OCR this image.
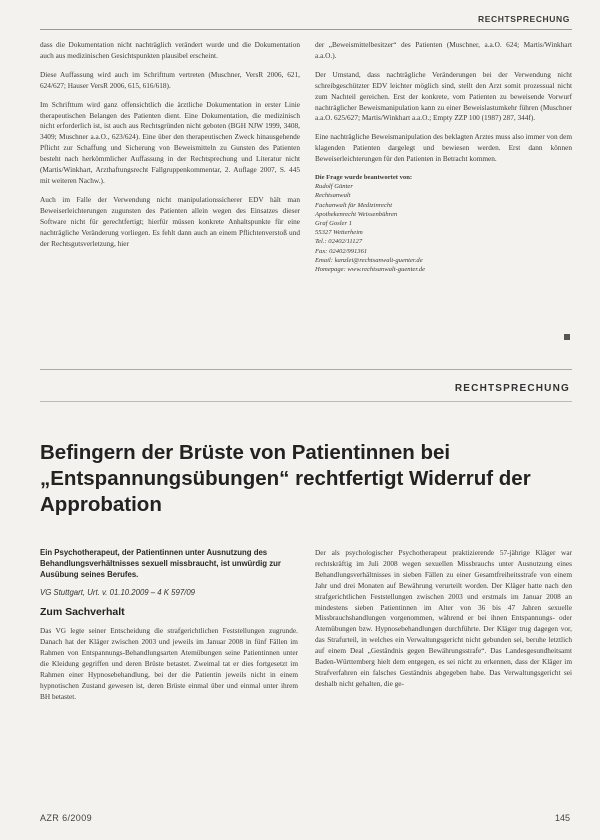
RECHTSPRECHUNG

dass die Dokumentation nicht nachträglich verändert wurde und die Dokumentation auch aus medizinischen Gesichtspunkten plausibel erscheint.

Diese Auffassung wird auch im Schrifttum vertreten (Muschner, VersR 2006, 621, 624/627; Hauser VersR 2006, 615, 616/618).

Im Schrifttum wird ganz offensichtlich die ärztliche Dokumentation in erster Linie therapeutischen Belangen des Patienten dient. Eine Dokumentation, die medizinisch nicht erforderlich ist, ist auch aus Rechtsgründen nicht geboten (BGH NJW 1999, 3408, 3409; Muschner a.a.O., 623/624). Eine über den therapeutischen Zweck hinausgehende Pflicht zur Schaffung und Sicherung von Beweismitteln zu Gunsten des Patienten besteht nach herkömmlicher Auffassung in der Rechtsprechung und Literatur nicht (Martis/Winkhart, Arzthaftungsrecht Fallgruppenkommentar, 2. Auflage 2007, S. 445 mit weiteren Nachw.).

Auch im Falle der Verwendung nicht manipulationssicherer EDV hält man Beweiserleichterungen zugunsten des Patienten allein wegen des Einsatzes dieser Software nicht für gerechtfertigt; hierfür müssen konkrete Anhaltspunkte für eine nachträgliche Veränderung vorliegen. Es fehlt dann auch an einem Pflichtenverstoß und der Rechtsgutsverletzung, hier

der „Beweismittelbesitzer“ des Patienten (Muschner, a.a.O. 624; Martis/Winkhart a.a.O.).

Der Umstand, dass nachträgliche Veränderungen bei der Verwendung nicht schreibgeschützter EDV leichter möglich sind, stellt den Arzt somit prozessual nicht zum Nachteil gereichen. Erst der konkrete, vom Patienten zu beweisende Vorwurf nachträglicher Beweismanipulation kann zu einer Beweislastumkehr führen (Muschner a.a.O. 625/627; Martis/Winkhart a.a.O.; Empty ZZP 100 (1987) 287, 344f).

Eine nachträgliche Beweismanipulation des beklagten Arztes muss also immer von dem klagenden Patienten dargelegt und bewiesen werden. Erst dann können Beweiserleichterungen für den Patienten in Betracht kommen.

Die Frage wurde beantwortet von:
Rudolf Günter
Rechtsanwalt
Fachanwalt für Medizinrecht
Apothekenrecht Weissenbühren
Graf Gosler 1
55327 Wetterheim
Tel.: 02402/11127
Fax: 02402/991361
Email: kanzlei@rechtsanwalt-guenter.de
Homepage: www.rechtsanwalt-guenter.de
RECHTSPRECHUNG
Befingern der Brüste von Patientinnen bei „Entspannungsübungen“ rechtfertigt Widerruf der Approbation

Ein Psychotherapeut, der Patientinnen unter Ausnutzung des Behandlungsverhältnisses sexuell missbraucht, ist unwürdig zur Ausübung seines Berufes.

VG Stuttgart, Urt. v. 01.10.2009 – 4 K 597/09

Zum Sachverhalt

Das VG legte seiner Entscheidung die strafgerichtlichen Feststellungen zugrunde. Danach hat der Kläger zwischen 2003 und jeweils im Januar 2008 in fünf Fällen im Rahmen von Entspannungs-Behandlungsarten Atemübungen seine Patientinnen unter die Kleidung gegriffen und deren Brüste betastet. Zweimal tat er dies fortgesetzt im Rahmen einer Hypnosebehandlung, bei der die Patientin jeweils nicht in einem hypnotischen Zustand gewesen ist, deren Brüste einmal über und einmal unter ihrem BH betastet.

Der als psychologischer Psychotherapeut praktizierende 57-jährige Kläger war rechtskräftig im Juli 2008 wegen sexuellen Missbrauchs unter Ausnutzung eines Behandlungsverhältnisses in sieben Fällen zu einer Gesamtfreiheitsstrafe von einem Jahr und drei Monaten auf Bewährung verurteilt worden. Der Kläger hatte nach den strafgerichtlichen Feststellungen zwischen 2003 und erstmals im Januar 2008 an mindestens sieben Patientinnen im Alter von 36 bis 47 Jahren sexuelle Missbrauchshandlungen vorgenommen, während er bei ihnen Entspannungs- oder Atemübungen bzw. Hypnosebehandlungen durchführte. Der Kläger trug dagegen vor, das Strafurteil, in welches ein Verwaltungsgericht nicht gebunden sei, beruhe letztlich auf einem Deal „Geständnis gegen Bewährungsstrafe“. Das Landesgesundheitsamt Baden-Württemberg hielt dem entgegen, es sei nicht zu erkennen, dass der Kläger im Strafverfahren ein falsches Geständnis abgegeben habe. Das Verwaltungsgericht sei deshalb nicht gehalten, die ge-

AZR 6/2009	145
